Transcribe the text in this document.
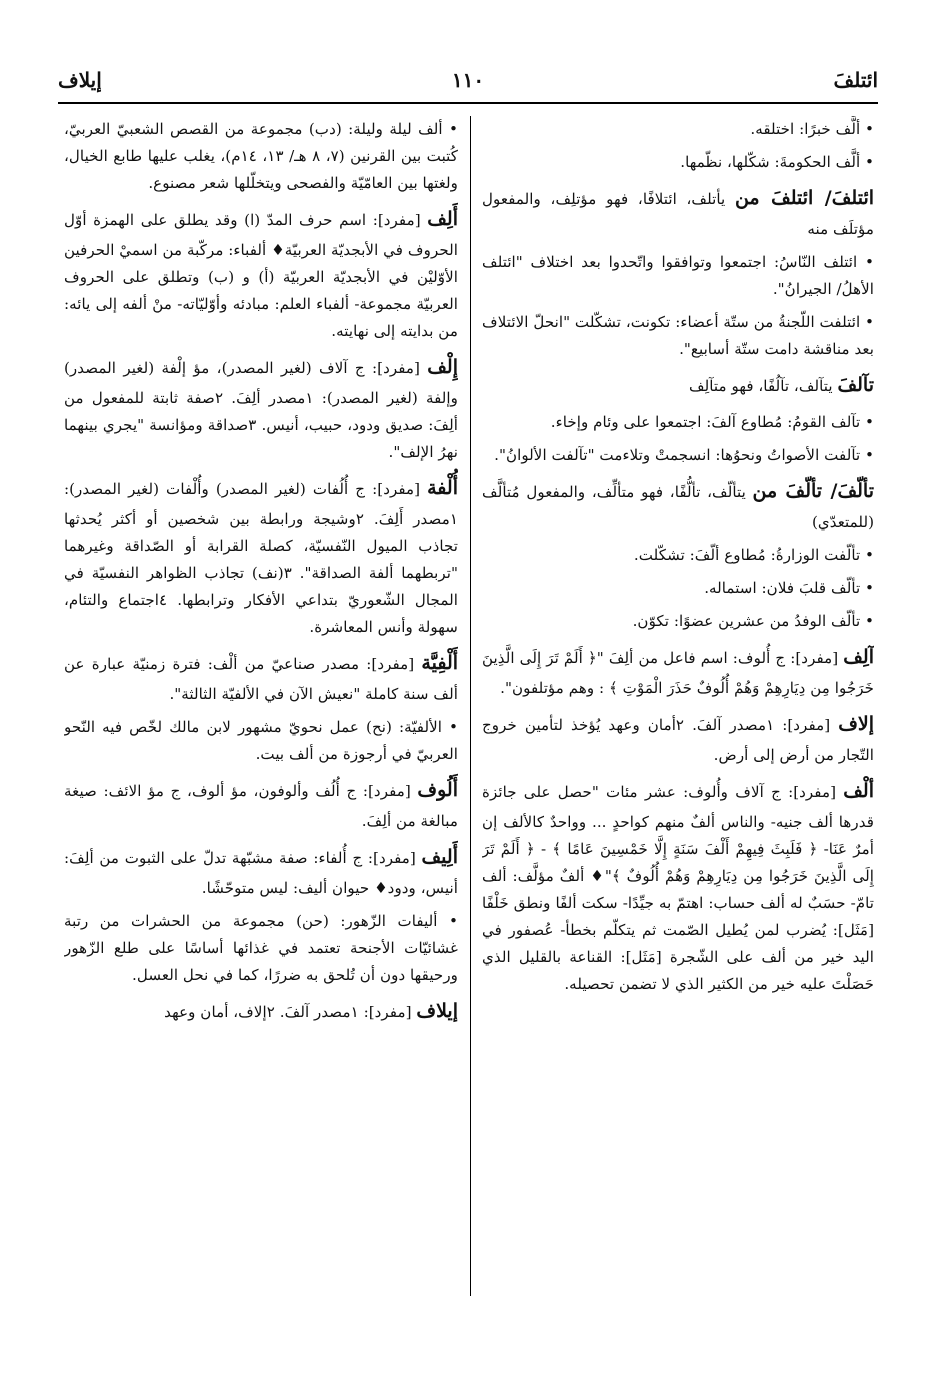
ائتلفَ
١١٠
إيلاف

• ألَّف خبرًا: اختلقه.

• ألَّف الحكومةَ: شكّلها، نظّمها.

ائتلفَ/ ائتلفَ من يأتلف، ائتلافًا، فهو مؤتلِف، والمفعول مؤتلَف منه

• ائتلف النّاسُ: اجتمعوا وتوافقوا واتّحدوا بعد اختلاف "ائتلف الأهلُ/ الجيرانُ".

• ائتلفت اللّجنةُ من ستّة أعضاء: تكونت، تشكّلت "انحلّ الائتلاف بعد مناقشة دامت ستّة أسابيع".

تآلفَ يتآلف، تآلُفًا، فهو متآلِف

• تآلف القومُ: مُطاوع آلفَ: اجتمعوا على وئام وإخاء.

• تآلفت الأصواتُ ونحوُها: انسجمتْ وتلاءمت "تآلفت الألوانُ".

تألّفَ/ تألّفَ من يتألّف، تألُّفًا، فهو متألِّف، والمفعول مُتألَّف (للمتعدّي)

• تألّفت الوزارةُ: مُطاوع ألّفَ: تشكّلت.

• تألّف قلبَ فلان: استماله.

• تألّف الوفدُ من عشرين عضوًا: تكوّن.

آلِف [مفرد]: ج أُلوف: اسم فاعل من ألِفَ "﴿ أَلَمْ تَرَ إِلَى الَّذِينَ خَرَجُوا مِن دِيَارِهِمْ وَهُمْ أُلُوفٌ حَذَرَ الْمَوْتِ ﴾ : وهم مؤتلفون".

إلاف [مفرد]: ١مصدر آلفَ. ٢أمان وعهد يُؤخذ لتأمين خروج التّجار من أرض إلى أرض.

ألْف [مفرد]: ج آلاف وأُلوف: عشر مئات "حصل على جائزة قدرها ألف جنيه- والناس ألفٌ منهم كواحدٍ ... وواحدٌ كالألف إن أمرٌ عَنَا- ﴿ فَلَبِثَ فِيهِمْ أَلْفَ سَنَةٍ إِلَّا خَمْسِينَ عَامًا ﴾ - ﴿ أَلَمْ تَرَ إِلَى الَّذِينَ خَرَجُوا مِن دِيَارِهِمْ وَهُمْ أُلُوفٌ ﴾"♦ ألفٌ مؤلَّف: ألف تامّ- حسَبٌ له ألف حساب: اهتمّ به جيِّدًا- سكت ألفًا ونطق خَلْفًا [مَثَل]: يُضرب لمن يُطيل الصّمت ثم يتكلّم بخطأ- عُصفور في اليد خير من ألف على الشّجرة [مَثَل]: القناعة بالقليل الذي حَصَلْتَ عليه خير من الكثير الذي لا تضمن تحصيله.

• ألف ليلة وليلة: (دب) مجموعة من القصص الشعبيّ العربيّ، كُتبت بين القرنين (٧، ٨ هـ/ ١٣، ١٤م)، يغلب عليها طابع الخيال، ولغتها بين العامّيّة والفصحى ويتخلّلها شعر مصنوع.

أَلِف [مفرد]: اسم حرف المدّ (ا) وقد يطلق على الهمزة أوّل الحروف في الأبجديّة العربيّة♦ ألفباء: مركّبة من اسميْ الحرفين الأوّليْن في الأبجديّة العربيّة (أ) و (ب) وتطلق على الحروف العربيّة مجموعة- ألفباء العلم: مبادئه وأوّليّاته- منْ ألفه إلى يائه: من بدايته إلى نهايته.

إِلْف [مفرد]: ج آلاف (لغير المصدر)، مؤ إلْفة (لغير المصدر) وإلفة (لغير المصدر): ١مصدر ألِفَ. ٢صفة ثابتة للمفعول من ألِفَ: صديق ودود، حبيب، أنيس. ٣صداقة ومؤانسة "يجري بينهما نهرُ الإلف".

أُلْفة [مفرد]: ج أُلُفات (لغير المصدر) وأُلْفات (لغير المصدر): ١مصدر أَلِفَ. ٢وشيجة ورابطة بين شخصين أو أكثر يُحدثها تجاذب الميول النّفسيّة، كصلة القرابة أو الصّداقة وغيرهما "تربطهما ألفة الصداقة". ٣(نف) تجاذب الظواهر النفسيّة في المجال الشّعوريّ بتداعي الأفكار وترابطها. ٤اجتماع والتئام، سهولة وأنس المعاشرة.

أَلْفِيَّة [مفرد]: مصدر صناعيّ من ألْف: فترة زمنيّة عبارة عن ألف سنة كاملة "نعيش الآن في الألفيّة الثالثة".

• الألفيّة: (نح) عمل نحويّ مشهور لابن مالك لخّص فيه النّحو العربيّ في أرجوزة من ألف بيت.

أَلُوف [مفرد]: ج أُلُف وألوفون، مؤ ألوف، ج مؤ الائف: صيغة مبالغة من ألِفَ.

أَلِيف [مفرد]: ج أُلفاء: صفة مشبّهة تدلّ على الثبوت من ألِفَ: أنيس، ودود♦ حيوان أليف: ليس متوحّشًا.

• أليفات الزّهور: (حن) مجموعة من الحشرات من رتبة غشائيّات الأجنحة تعتمد في غذائها أساسًا على طلع الزّهور ورحيقها دون أن تُلحق به ضررًا، كما في نحل العسل.

إيلاف [مفرد]: ١مصدر آلفَ. ٢إلاف، أمان وعهد
